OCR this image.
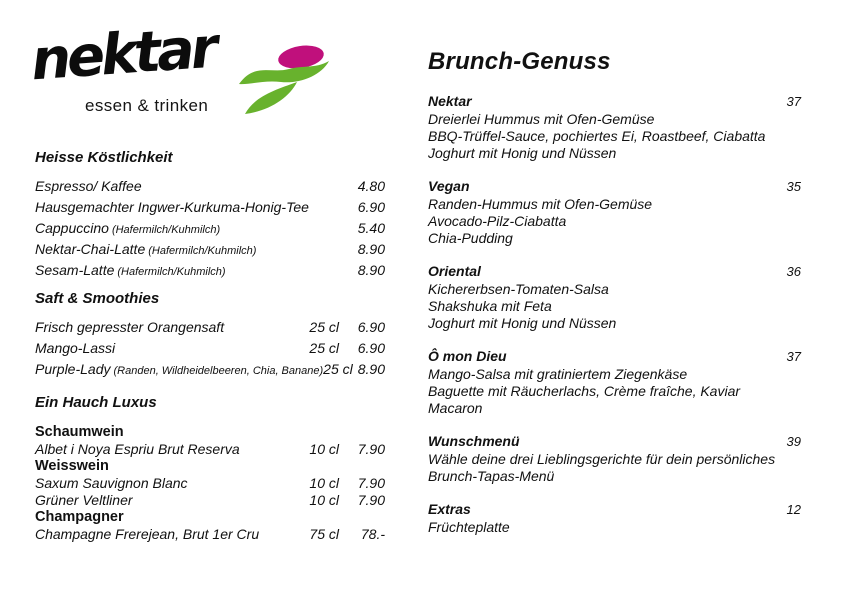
nektar
essen & trinken
Heisse Köstlichkeit
Espresso/ Kaffee	4.80
Hausgemachter Ingwer-Kurkuma-Honig-Tee	6.90
Cappuccino (Hafermilch/Kuhmilch)	5.40
Nektar-Chai-Latte (Hafermilch/Kuhmilch)	8.90
Sesam-Latte (Hafermilch/Kuhmilch)	8.90
Saft & Smoothies
Frisch gepresster Orangensaft	25 cl	6.90
Mango-Lassi	25 cl	6.90
Purple-Lady (Randen, Wildheidelbeeren, Chia, Banane) 25 cl 8.90
Ein Hauch Luxus
Schaumwein
Albet i Noya Espriu Brut Reserva	10 cl	7.90
Weisswein
Saxum Sauvignon Blanc	10 cl	7.90
Grüner Veltliner	10 cl	7.90
Champagner
Champagne Frerejean, Brut 1er Cru	75 cl	78.-
Brunch-Genuss
Nektar	37
Dreierlei Hummus mit Ofen-Gemüse
BBQ-Trüffel-Sauce, pochiertes Ei, Roastbeef, Ciabatta
Joghurt mit Honig und Nüssen
Vegan	35
Randen-Hummus mit Ofen-Gemüse
Avocado-Pilz-Ciabatta
Chia-Pudding
Oriental	36
Kichererbsen-Tomaten-Salsa
Shakshuka mit Feta
Joghurt mit Honig und Nüssen
Ô mon Dieu	37
Mango-Salsa mit gratiniertem Ziegenkäse
Baguette mit Räucherlachs, Crème fraîche, Kaviar
Macaron
Wunschmenü	39
Wähle deine drei Lieblingsgerichte für dein persönliches
Brunch-Tapas-Menü
Extras	12
Früchteplatte
